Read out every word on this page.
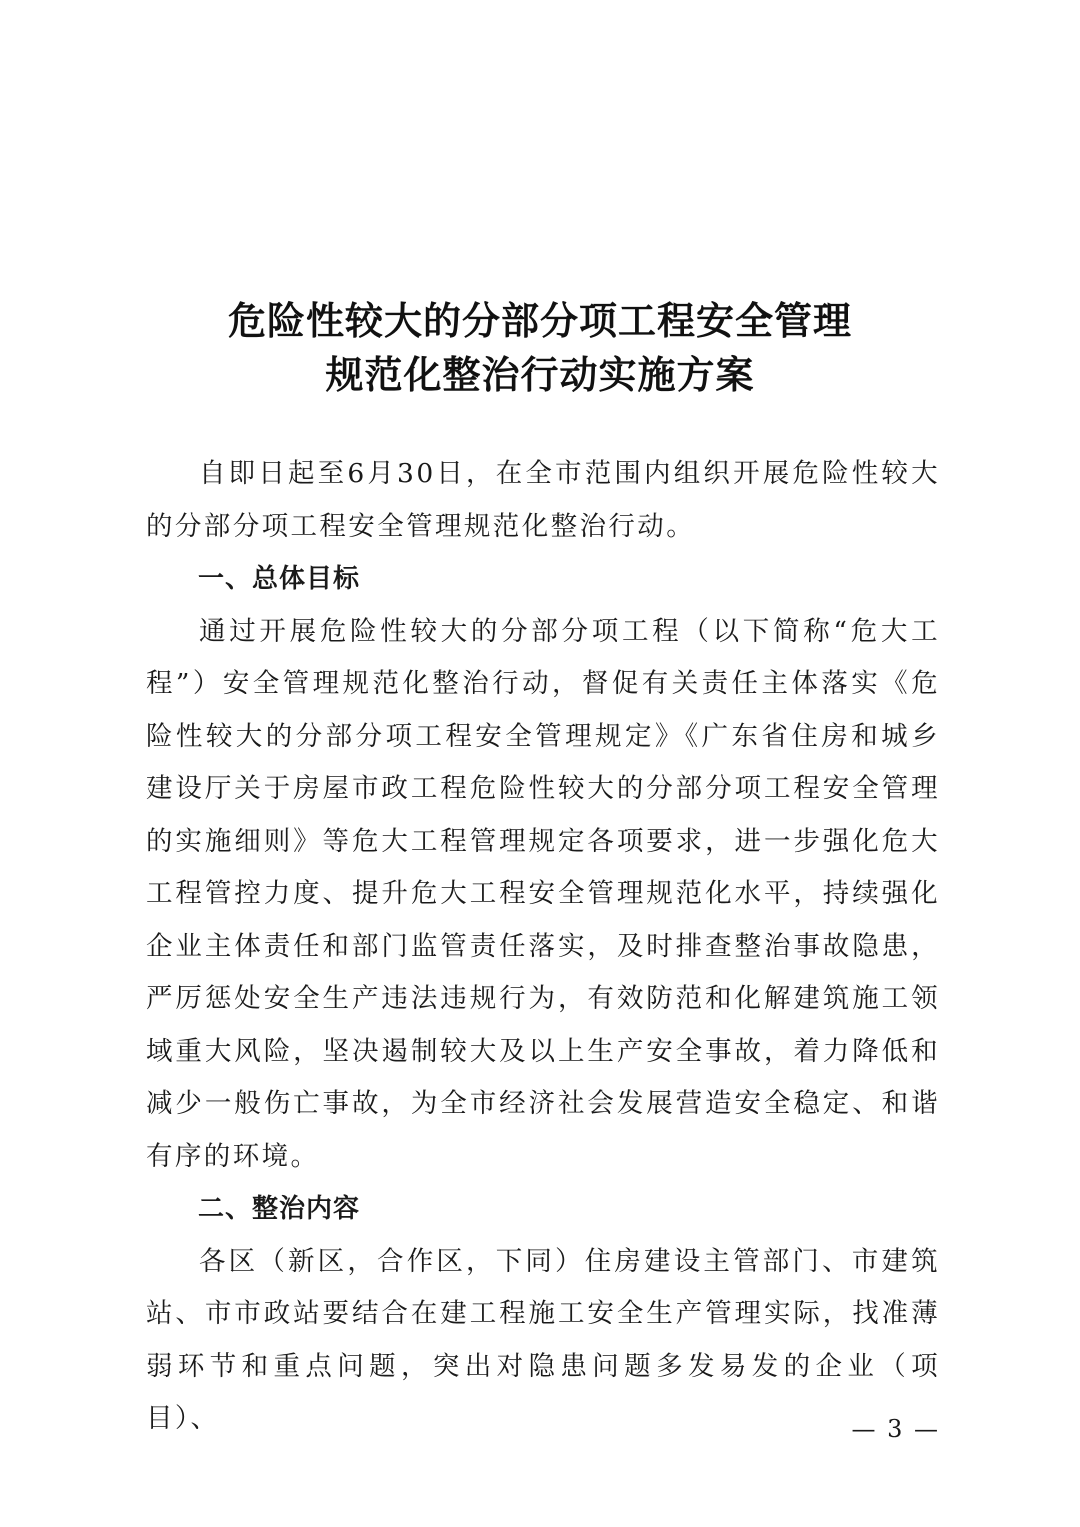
危险性较大的分部分项工程安全管理
规范化整治行动实施方案

自即日起至6月30日，在全市范围内组织开展危险性较大的分部分项工程安全管理规范化整治行动。

一、总体目标

通过开展危险性较大的分部分项工程（以下简称“危大工程”）安全管理规范化整治行动，督促有关责任主体落实《危险性较大的分部分项工程安全管理规定》《广东省住房和城乡建设厅关于房屋市政工程危险性较大的分部分项工程安全管理的实施细则》等危大工程管理规定各项要求，进一步强化危大工程管控力度、提升危大工程安全管理规范化水平，持续强化企业主体责任和部门监管责任落实，及时排查整治事故隐患，严厉惩处安全生产违法违规行为，有效防范和化解建筑施工领域重大风险，坚决遏制较大及以上生产安全事故，着力降低和减少一般伤亡事故，为全市经济社会发展营造安全稳定、和谐有序的环境。

二、整治内容

各区（新区，合作区，下同）住房建设主管部门、市建筑站、市市政站要结合在建工程施工安全生产管理实际，找准薄弱环节和重点问题，突出对隐患问题多发易发的企业（项目）、	— 3 —
